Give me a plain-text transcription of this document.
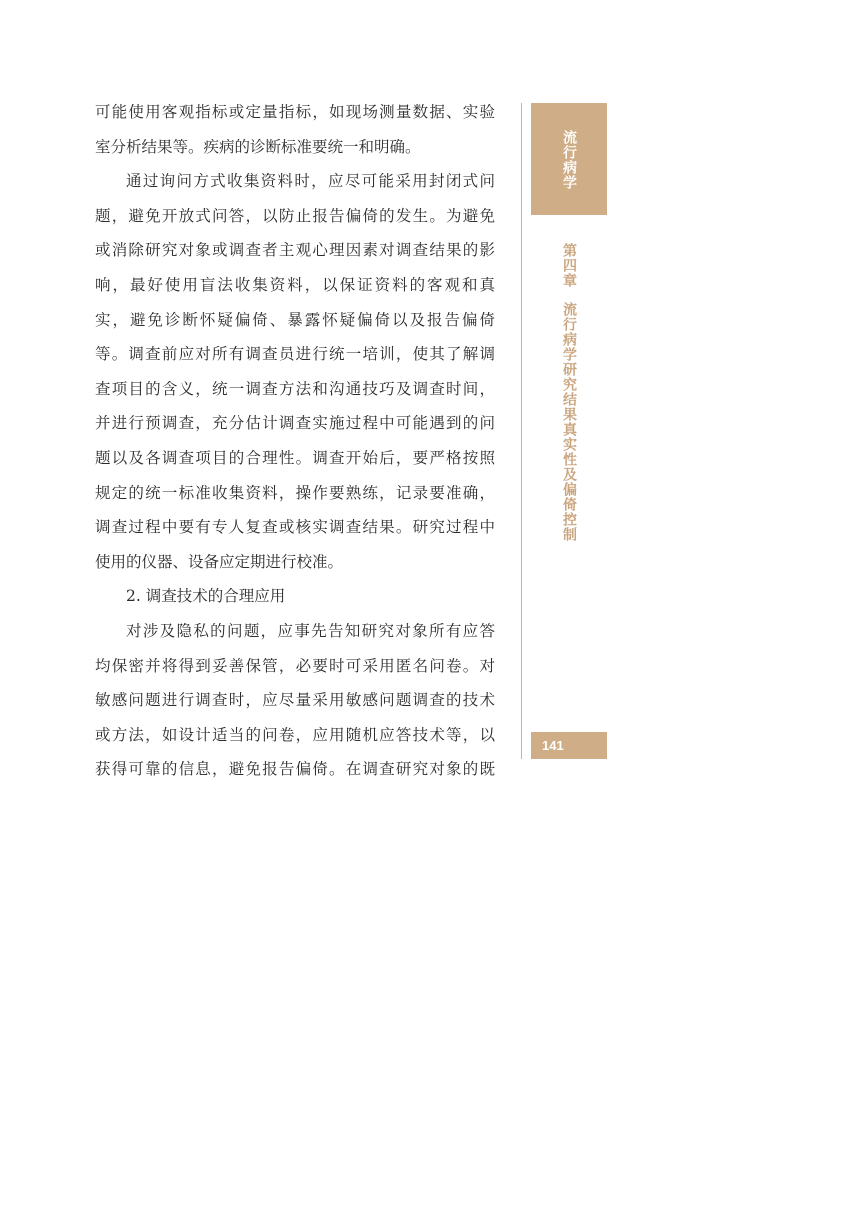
可能使用客观指标或定量指标，如现场测量数据、实验
室分析结果等。疾病的诊断标准要统一和明确。
通过询问方式收集资料时，应尽可能采用封闭式问
题，避免开放式问答，以防止报告偏倚的发生。为避免
或消除研究对象或调查者主观心理因素对调查结果的影
响，最好使用盲法收集资料，以保证资料的客观和真
实，避免诊断怀疑偏倚、暴露怀疑偏倚以及报告偏倚
等。调查前应对所有调查员进行统一培训，使其了解调
查项目的含义，统一调查方法和沟通技巧及调查时间，
并进行预调查，充分估计调查实施过程中可能遇到的问
题以及各调查项目的合理性。调查开始后，要严格按照
规定的统一标准收集资料，操作要熟练，记录要准确，
调查过程中要有专人复查或核实调查结果。研究过程中
使用的仪器、设备应定期进行校准。
2. 调查技术的合理应用
对涉及隐私的问题，应事先告知研究对象所有应答
均保密并将得到妥善保管，必要时可采用匿名问卷。对
敏感问题进行调查时，应尽量采用敏感问题调查的技术
或方法，如设计适当的问卷，应用随机应答技术等，以
获得可靠的信息，避免报告偏倚。在调查研究对象的既
流行病学
第四章
流行病学研究结果真实性及偏倚控制
141
